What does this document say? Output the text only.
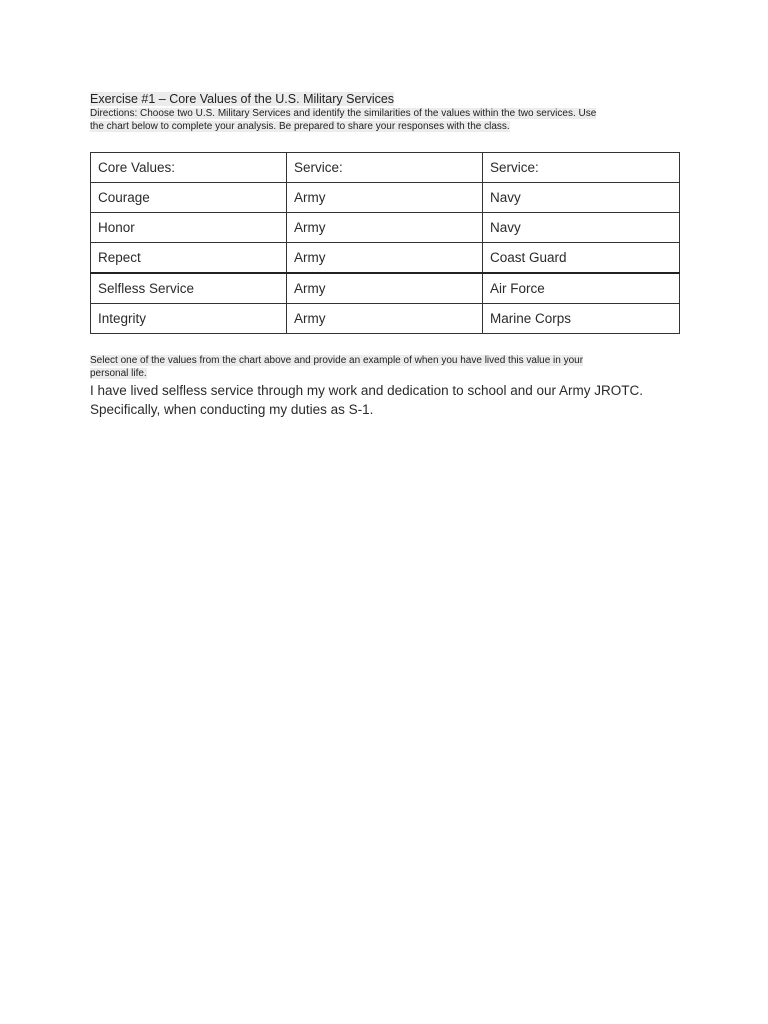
Exercise #1 – Core Values of the U.S. Military Services
Directions: Choose two U.S. Military Services and identify the similarities of the values within the two services. Use
the chart below to complete your analysis. Be prepared to share your responses with the class.
Core Values:	Service:	Service:
Courage	Army	Navy
Honor	Army	Navy
Repect	Army	Coast Guard
Selfless Service	Army	Air Force
Integrity	Army	Marine Corps
Select one of the values from the chart above and provide an example of when you have lived this value in your
personal life.
I have lived selfless service through my work and dedication to school and our Army JROTC.
Specifically, when conducting my duties as S-1.
